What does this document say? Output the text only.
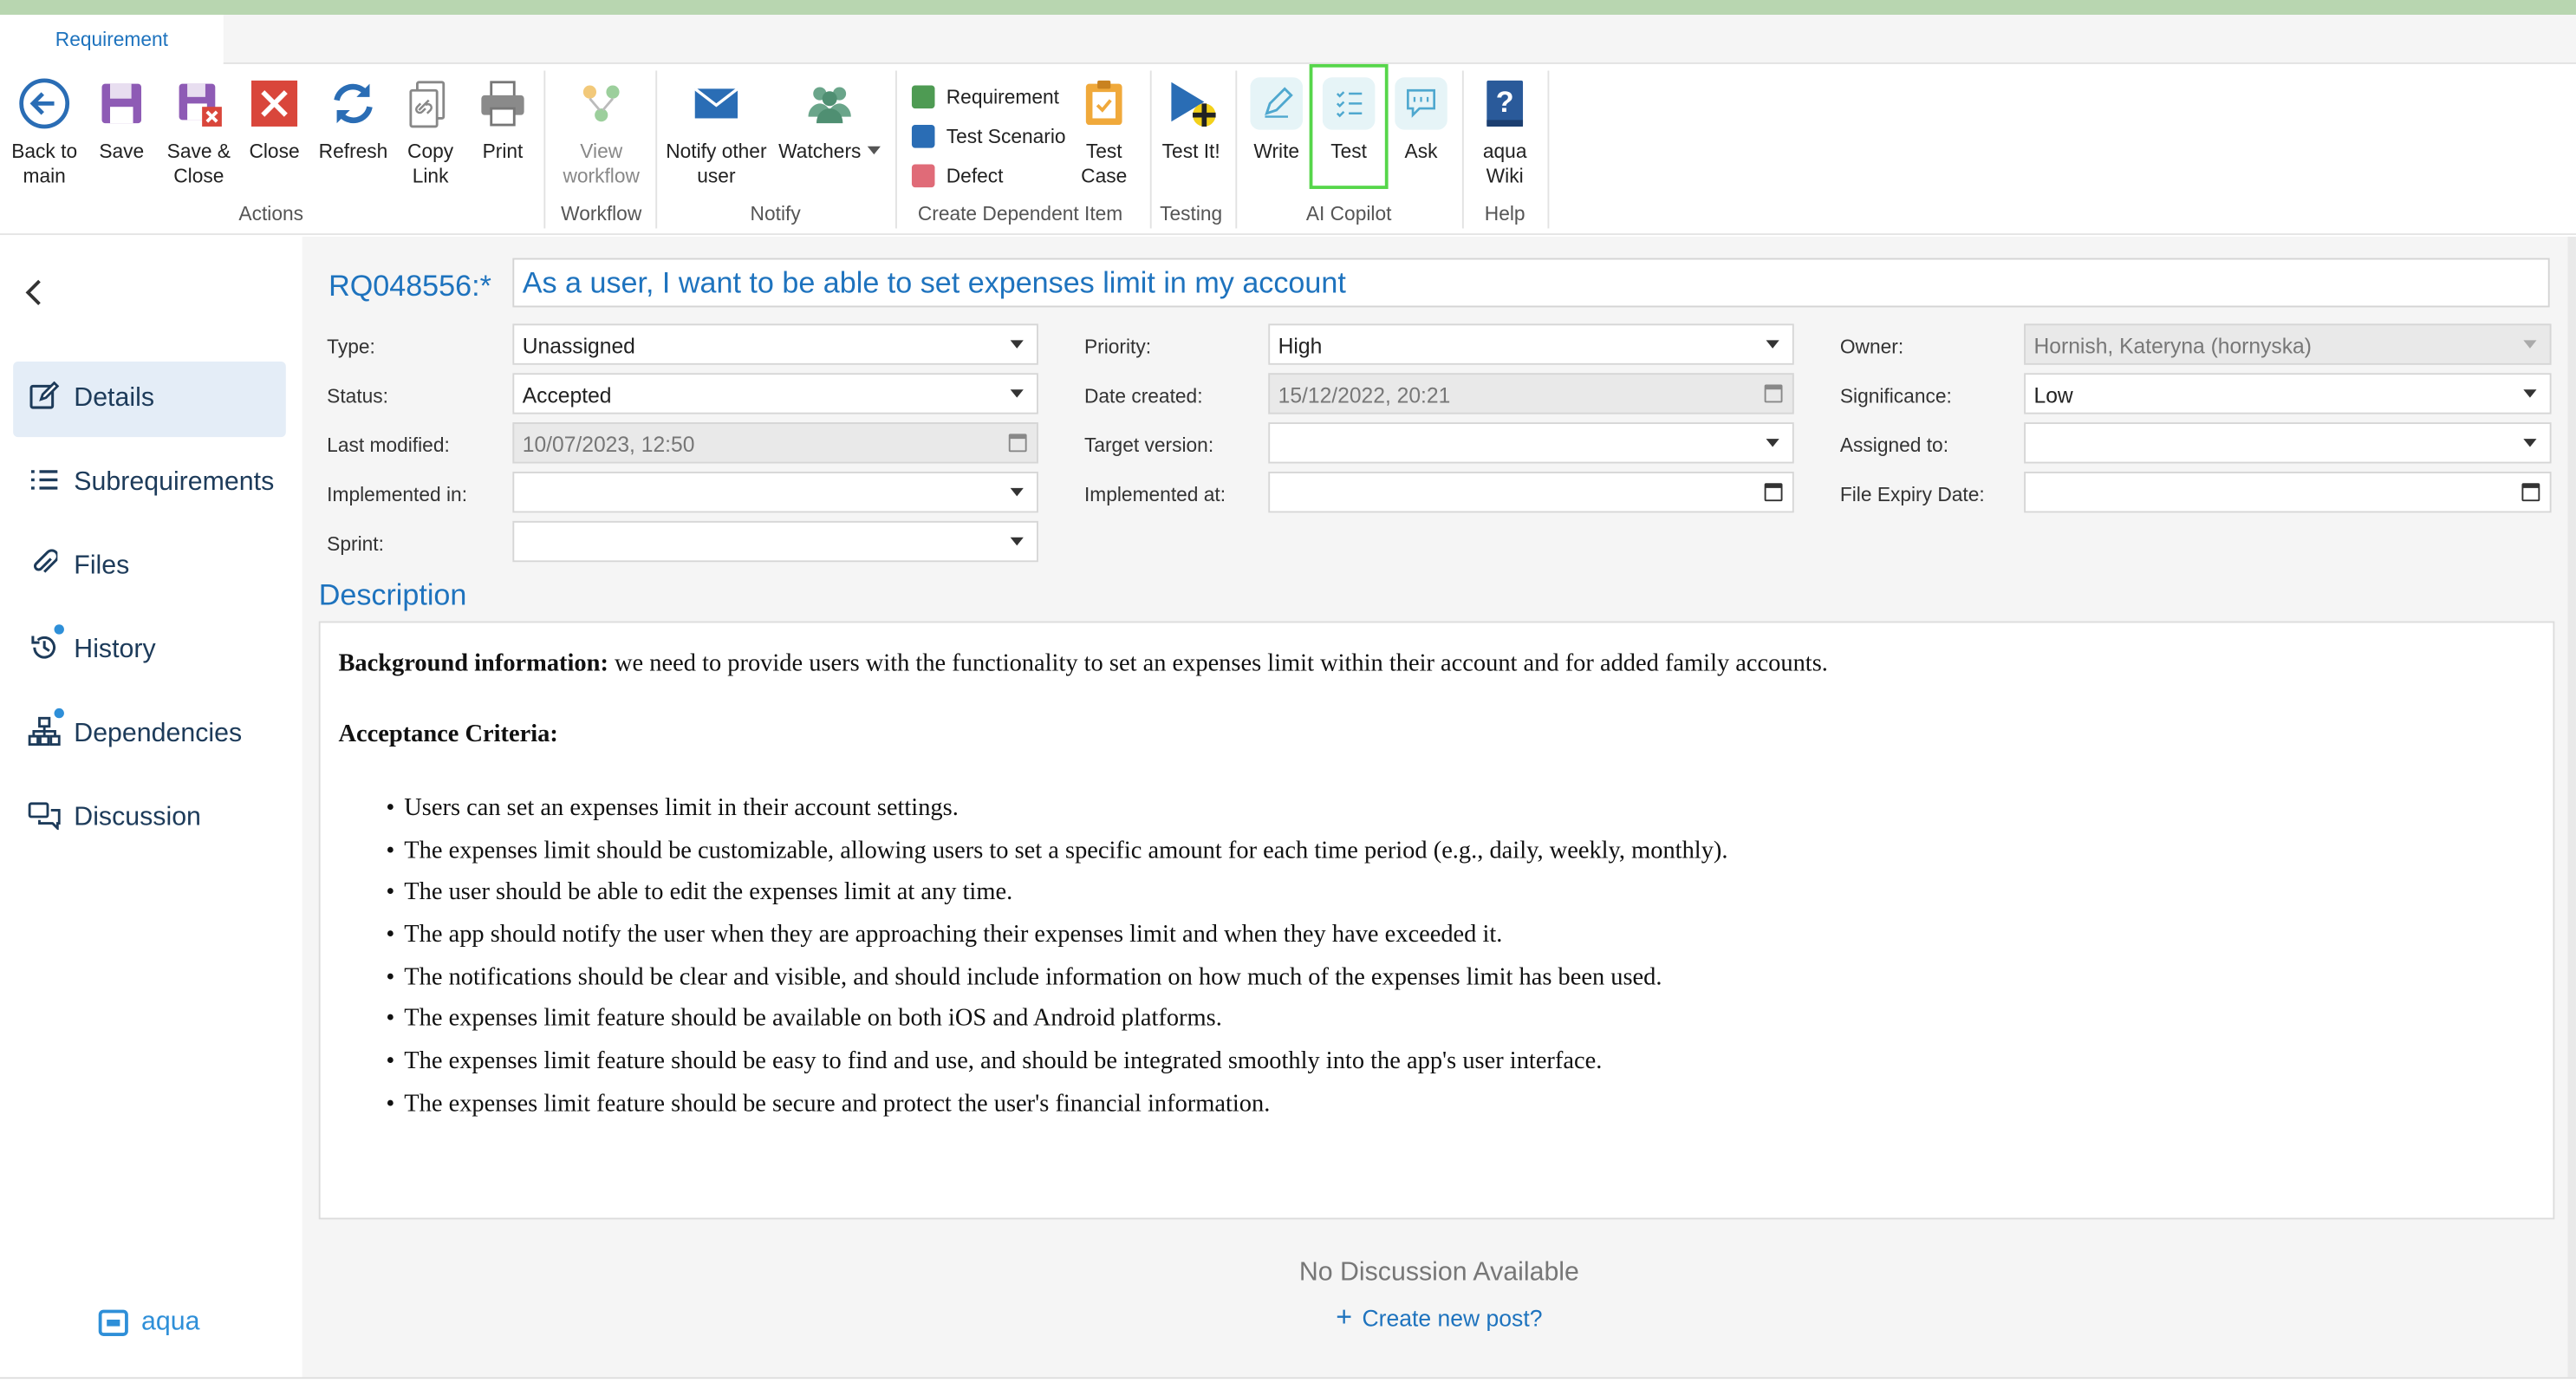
Requirement
Back to main
Save	Save & Close
Close	Refresh	Copy Link
Print
Actions
View workflow
Workflow
Notify other user
Watchers
Notify
Requirement
Test Scenario
Defect
Test Case
Create Dependent Item
Test It!
Testing
Write	Test	Ask
AI Copilot
?
aqua Wiki
Help
Details
Subrequirements
Files
History
Dependencies
Discussion
aqua
RQ048556:*	As a user, I want to be able to set expenses limit in my account
Type:	Unassigned
Status:	Accepted
Last modified:	10/07/2023, 12:50
Implemented in:
Sprint:
Priority:	High
Date created:	15/12/2022, 20:21
Target version:
Implemented at:
Owner:	Hornish, Kateryna (hornyska)
Significance:	Low
Assigned to:
File Expiry Date:
Description
Background information: we need to provide users with the functionality to set an expenses limit within their account and for added family accounts.
Acceptance Criteria:
• Users can set an expenses limit in their account settings.
• The expenses limit should be customizable, allowing users to set a specific amount for each time period (e.g., daily, weekly, monthly).
• The user should be able to edit the expenses limit at any time.
• The app should notify the user when they are approaching their expenses limit and when they have exceeded it.
• The notifications should be clear and visible, and should include information on how much of the expenses limit has been used.
• The expenses limit feature should be available on both iOS and Android platforms.
• The expenses limit feature should be easy to find and use, and should be integrated smoothly into the app's user interface.
• The expenses limit feature should be secure and protect the user's financial information.
No Discussion Available
+ Create new post?
